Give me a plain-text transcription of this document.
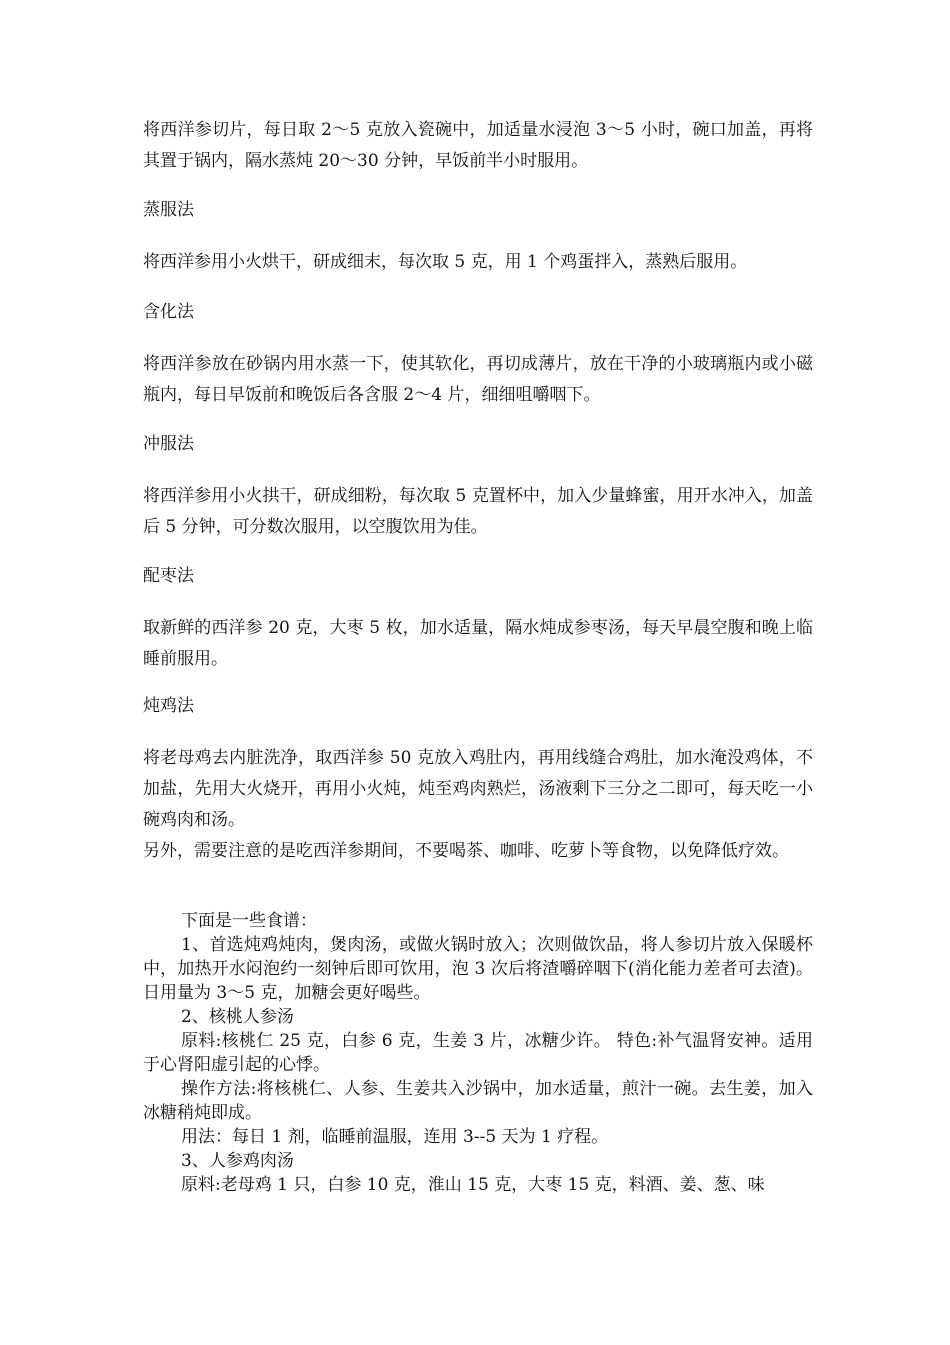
将西洋参切片，每日取 2～5 克放入瓷碗中，加适量水浸泡 3～5 小时，碗口加盖，再将其置于锅内，隔水蒸炖 20～30 分钟，早饭前半小时服用。

蒸服法

将西洋参用小火烘干，研成细末，每次取 5 克，用 1 个鸡蛋拌入，蒸熟后服用。

含化法

将西洋参放在砂锅内用水蒸一下，使其软化，再切成薄片，放在干净的小玻璃瓶内或小磁瓶内，每日早饭前和晚饭后各含服 2～4 片，细细咀嚼咽下。

冲服法

将西洋参用小火拱干，研成细粉，每次取 5 克置杯中，加入少量蜂蜜，用开水冲入，加盖后 5 分钟，可分数次服用，以空腹饮用为佳。

配枣法

取新鲜的西洋参 20 克，大枣 5 枚，加水适量，隔水炖成参枣汤，每天早晨空腹和晚上临睡前服用。

炖鸡法

将老母鸡去内脏洗净，取西洋参 50 克放入鸡肚内，再用线缝合鸡肚，加水淹没鸡体，不加盐，先用大火烧开，再用小火炖，炖至鸡肉熟烂，汤液剩下三分之二即可，每天吃一小碗鸡肉和汤。

另外，需要注意的是吃西洋参期间，不要喝茶、咖啡、吃萝卜等食物，以免降低疗效。

下面是一些食谱：

1、首选炖鸡炖肉，煲肉汤，或做火锅时放入；次则做饮品，将人参切片放入保暖杯中，加热开水闷泡约一刻钟后即可饮用，泡 3 次后将渣嚼碎咽下(消化能力差者可去渣)。日用量为 3～5 克，加糖会更好喝些。

2、核桃人参汤

原料:核桃仁 25 克，白参 6 克，生姜 3 片，冰糖少许。 特色:补气温肾安神。适用于心肾阳虚引起的心悸。

操作方法:将核桃仁、人参、生姜共入沙锅中，加水适量，煎汁一碗。去生姜，加入冰糖稍炖即成。

用法：每日 1 剂，临睡前温服，连用 3--5 天为 1 疗程。

3、人参鸡肉汤

原料:老母鸡 1 只，白参 10 克，淮山 15 克，大枣 15 克，料酒、姜、葱、味
